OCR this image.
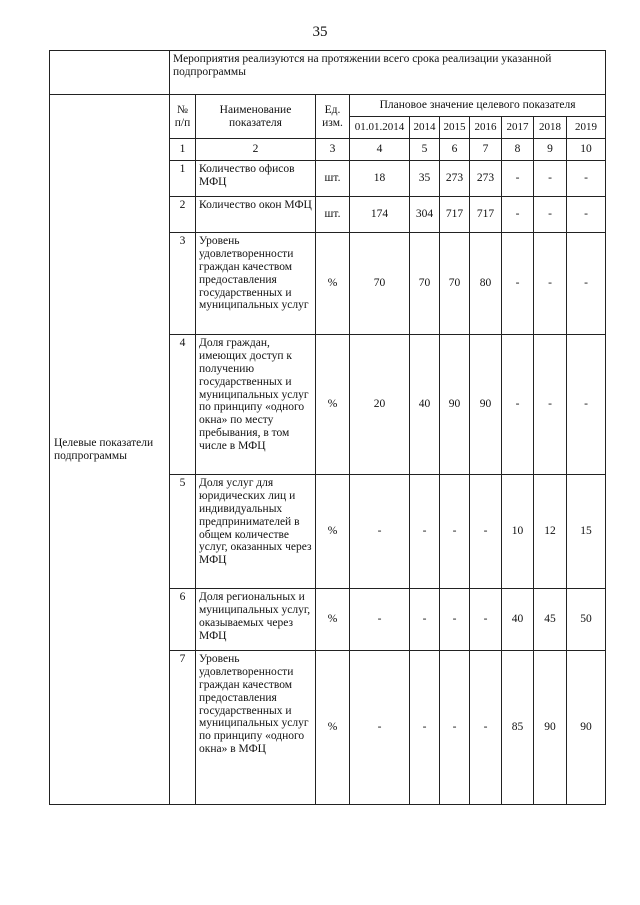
35
	Мероприятия реализуются на протяжении всего срока реализации указанной подпрограммы									
Целевые показатели подпрограммы	№ п/п	Наименование показателя	Ед. изм.	Плановое значение целевого показателя						
				01.01.2014	2014	2015	2016	2017	2018	2019
	1	2	3	4	5	6	7	8	9	10
	1	Количество офисов МФЦ	шт.	18	35	273	273	-	-	-
	2	Количество окон МФЦ	шт.	174	304	717	717	-	-	-
	3	Уровень удовлетворенности граждан качеством предоставления государственных и муниципальных услуг	%	70	70	70	80	-	-	-
	4	Доля граждан, имеющих доступ к получению государственных и муниципальных услуг по принципу «одного окна» по месту пребывания, в том числе в МФЦ	%	20	40	90	90	-	-	-
	5	Доля услуг для юридических лиц и индивидуальных предпринимателей в общем количестве услуг, оказанных через МФЦ	%	-	-	-	-	10	12	15
	6	Доля региональных и муниципальных услуг, оказываемых через МФЦ	%	-	-	-	-	40	45	50
	7	Уровень удовлетворенности граждан качеством предоставления государственных и муниципальных услуг по принципу «одного окна» в МФЦ	%	-	-	-	-	85	90	90
